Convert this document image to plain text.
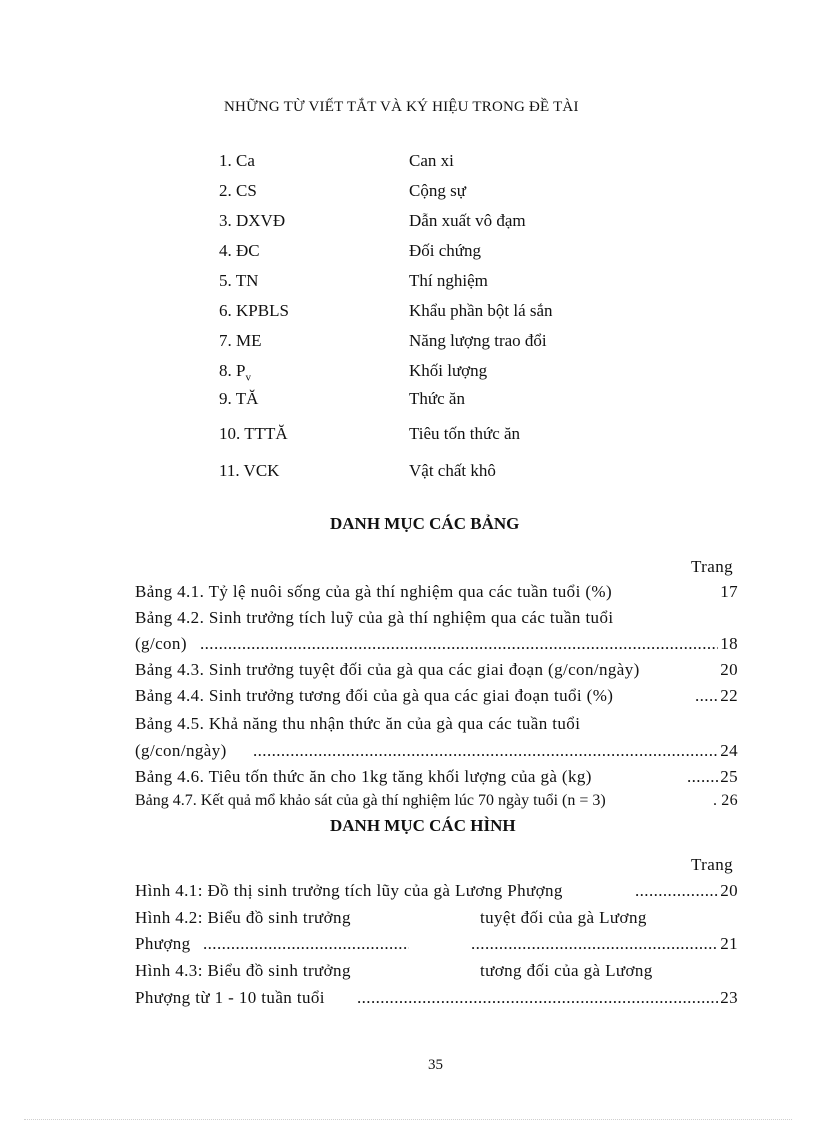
NHỮNG TỪ VIẾT TẮT VÀ KÝ HIỆU TRONG ĐỀ TÀI
1. Ca	Can xi
2. CS	Cộng sự
3. DXVĐ	Dẫn xuất vô đạm
4. ĐC	Đối chứng
5. TN	Thí nghiệm
6. KPBLS	Khẩu phần bột lá sắn
7. ME	Năng lượng trao đổi
8. $P_v$	Khối lượng
9. TĂ	Thức ăn
10. TTTĂ	Tiêu tốn thức ăn
11. VCK	Vật chất khô
DANH MỤC CÁC BẢNG
Trang
Bảng 4.1. Tỷ lệ nuôi sống của gà thí nghiệm qua các tuần tuổi (%)	17
Bảng 4.2. Sinh trưởng tích luỹ của gà thí nghiệm qua các tuần tuổi
(g/con) .....	18
Bảng 4.3. Sinh trưởng tuyệt đối của gà qua các giai đoạn (g/con/ngày)	20
Bảng 4.4. Sinh trưởng tương đối của gà qua các giai đoạn tuổi (%) .....	22
Bảng 4.5. Khả năng thu nhận thức ăn của gà qua các tuần tuổi
(g/con/ngày) .....	24
Bảng 4.6. Tiêu tốn thức ăn cho 1kg tăng khối lượng của gà (kg) .....	25
Bảng 4.7. Kết quả mổ khảo sát của gà thí nghiệm lúc 70 ngày tuổi (n = 3) .....	26
DANH MỤC CÁC HÌNH
Trang
Hình 4.1: Đồ thị sinh trưởng tích lũy của gà Lương Phượng .....	20
Hình 4.2: Biểu đồ sinh trưởng	tuyệt đối của gà Lương
Phượng ..... .....	21
Hình 4.3: Biểu đồ sinh trưởng	tương đối của gà Lương
Phượng từ 1 - 10 tuần tuổi .....	23
35
